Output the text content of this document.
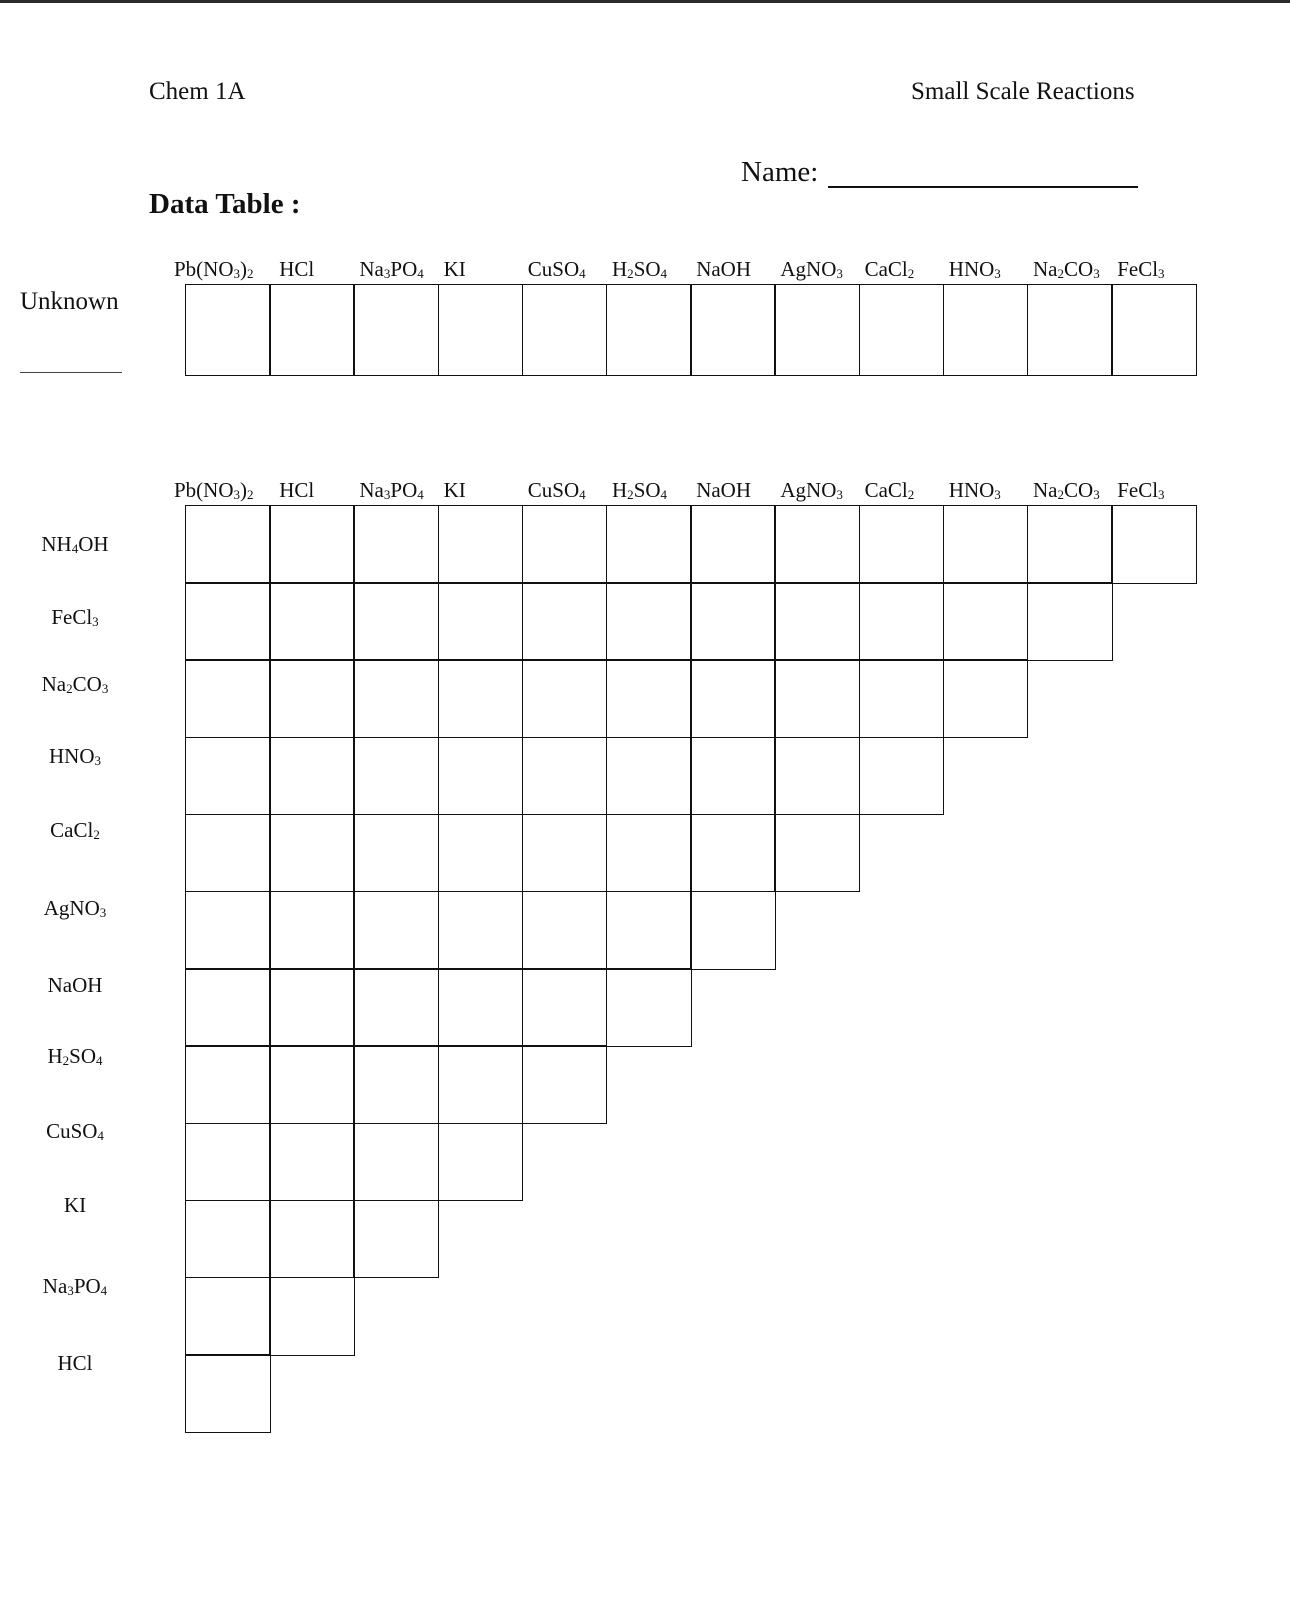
Chem 1A	Small Scale Reactions
Name:
Data Table :
Unknown
$Pb(NO_3)_2$ HCl $Na_3PO_4$ KI	CuSO$_4$ $H_2SO_4$ NaOH AgNO$_3$ CaCl$_2$ $HNO_3$ $Na_2CO_3$ FeCl$_3$
$Pb(NO_3)_2$ HCl $Na_3PO_4$ KI	CuSO$_4$ $H_2SO_4$ NaOH AgNO$_3$ CaCl$_2$ $HNO_3$ $Na_2CO_3$ FeCl$_3$
$NH_4OH$
FeCl$_3$
$Na_2CO_3$
$HNO_3$
CaCl$_2$
AgNO$_3$
NaOH
$H_2SO_4$
CuSO$_4$
KI
$Na_3PO_4$
HCl
